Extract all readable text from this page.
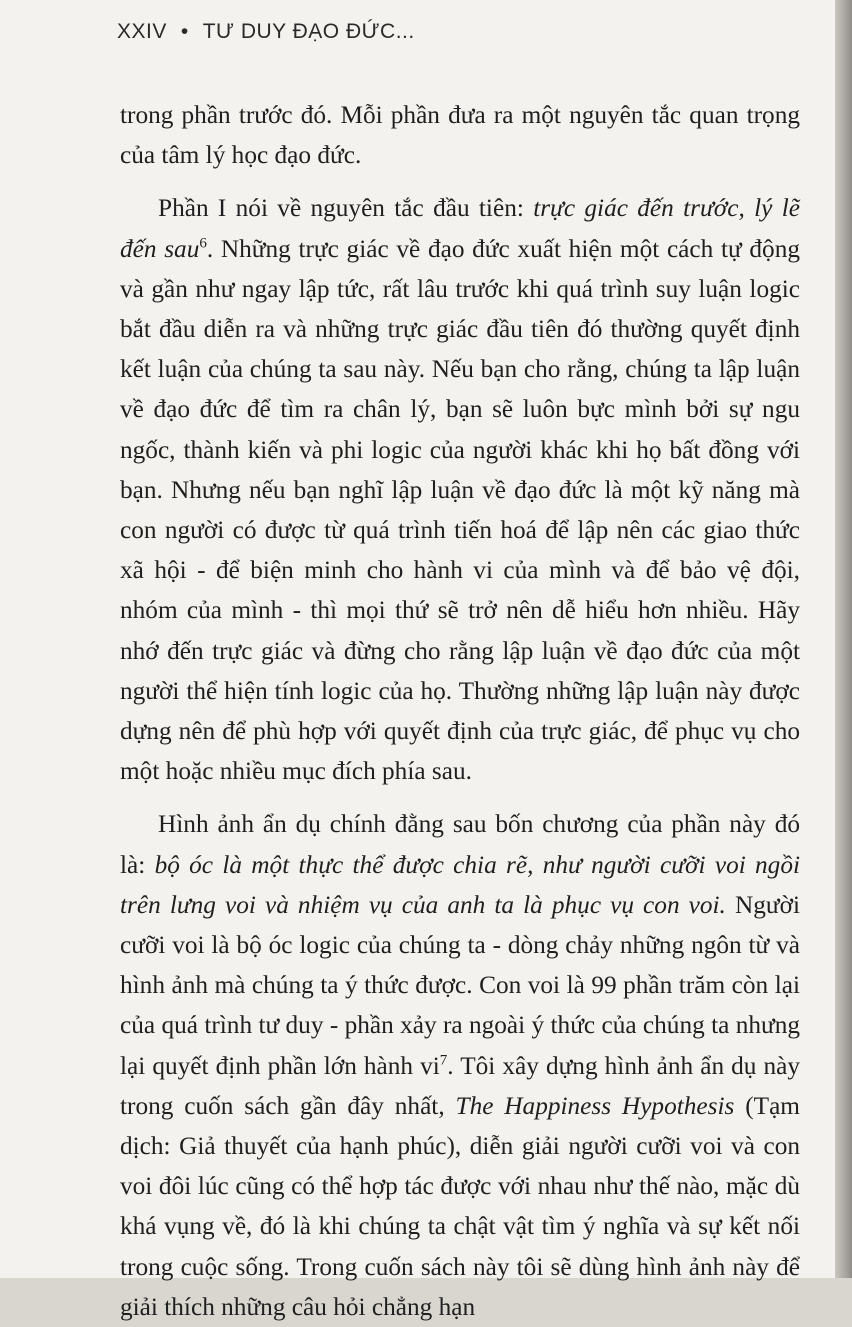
XXIV • TƯ DUY ĐẠO ĐỨC...

trong phần trước đó. Mỗi phần đưa ra một nguyên tắc quan trọng của tâm lý học đạo đức.

Phần I nói về nguyên tắc đầu tiên: trực giác đến trước, lý lẽ đến sau$^6$. Những trực giác về đạo đức xuất hiện một cách tự động và gần như ngay lập tức, rất lâu trước khi quá trình suy luận logic bắt đầu diễn ra và những trực giác đầu tiên đó thường quyết định kết luận của chúng ta sau này. Nếu bạn cho rằng, chúng ta lập luận về đạo đức để tìm ra chân lý, bạn sẽ luôn bực mình bởi sự ngu ngốc, thành kiến và phi logic của người khác khi họ bất đồng với bạn. Nhưng nếu bạn nghĩ lập luận về đạo đức là một kỹ năng mà con người có được từ quá trình tiến hoá để lập nên các giao thức xã hội - để biện minh cho hành vi của mình và để bảo vệ đội, nhóm của mình - thì mọi thứ sẽ trở nên dễ hiểu hơn nhiều. Hãy nhớ đến trực giác và đừng cho rằng lập luận về đạo đức của một người thể hiện tính logic của họ. Thường những lập luận này được dựng nên để phù hợp với quyết định của trực giác, để phục vụ cho một hoặc nhiều mục đích phía sau.

Hình ảnh ẩn dụ chính đằng sau bốn chương của phần này đó là: bộ óc là một thực thể được chia rẽ, như người cưỡi voi ngồi trên lưng voi và nhiệm vụ của anh ta là phục vụ con voi. Người cưỡi voi là bộ óc logic của chúng ta - dòng chảy những ngôn từ và hình ảnh mà chúng ta ý thức được. Con voi là 99 phần trăm còn lại của quá trình tư duy - phần xảy ra ngoài ý thức của chúng ta nhưng lại quyết định phần lớn hành $vi^7$. Tôi xây dựng hình ảnh ẩn dụ này trong cuốn sách gần đây nhất, The Happiness Hypothesis (Tạm dịch: Giả thuyết của hạnh phúc), diễn giải người cưỡi voi và con voi đôi lúc cũng có thể hợp tác được với nhau như thế nào, mặc dù khá vụng về, đó là khi chúng ta chật vật tìm ý nghĩa và sự kết nối trong cuộc sống. Trong cuốn sách này tôi sẽ dùng hình ảnh này để giải thích những câu hỏi chẳng hạn
